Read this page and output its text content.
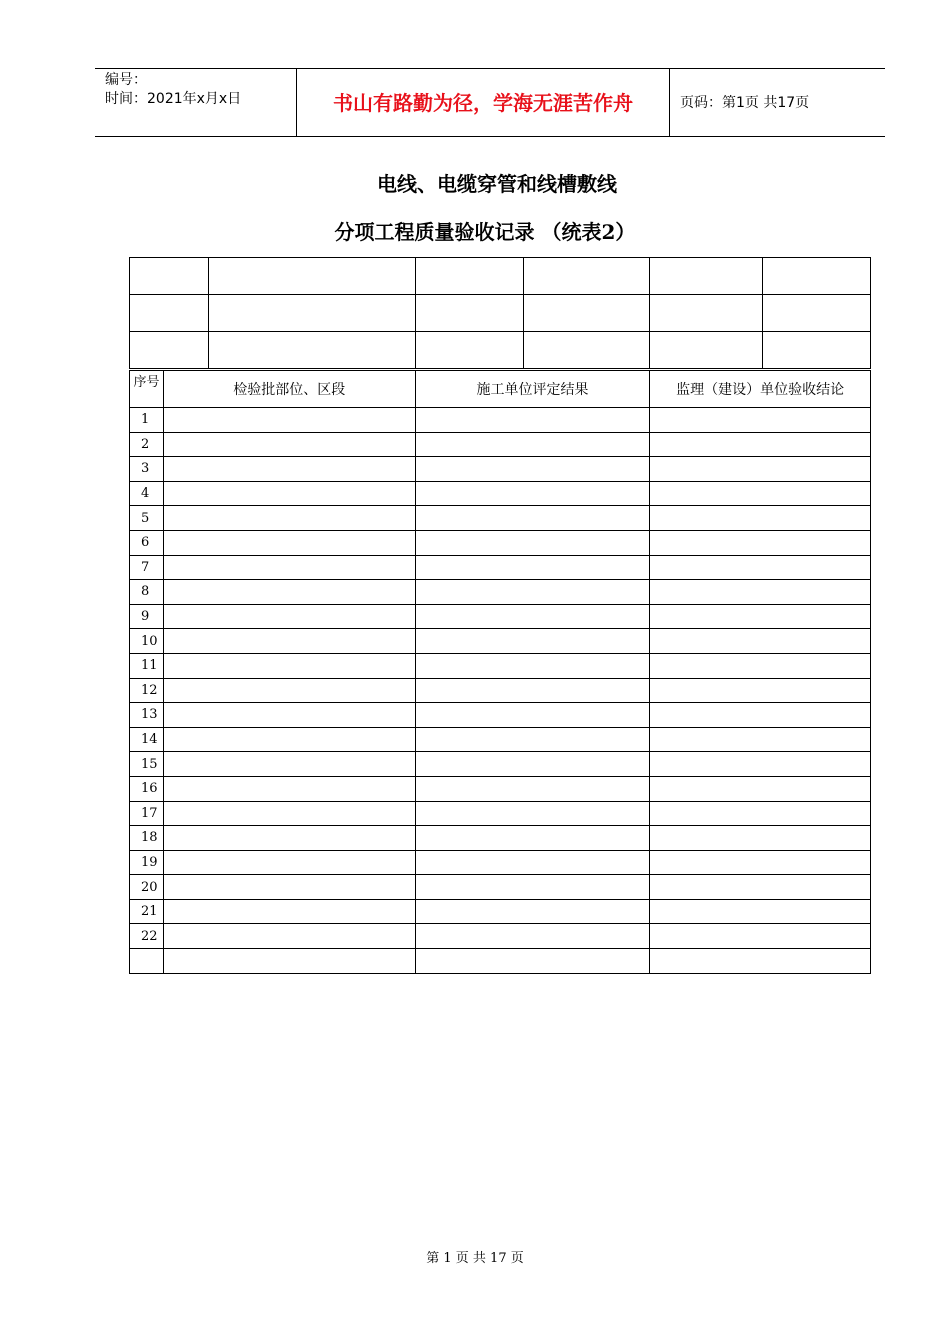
编号：
时间：2021年x月x日	书山有路勤为径，学海无涯苦作舟	页码：第1页 共17页
电线、电缆穿管和线槽敷线
分项工程质量验收记录 （统表2）

序号	检验批部位、区段	施工单位评定结果	监理（建设）单位验收结论
1			
2			
3			
4			
5			
6			
7			
8			
9			
10			
11			
12			
13			
14			
15			
16			
17			
18			
19			
20			
21			
22			

第 1 页 共 17 页
